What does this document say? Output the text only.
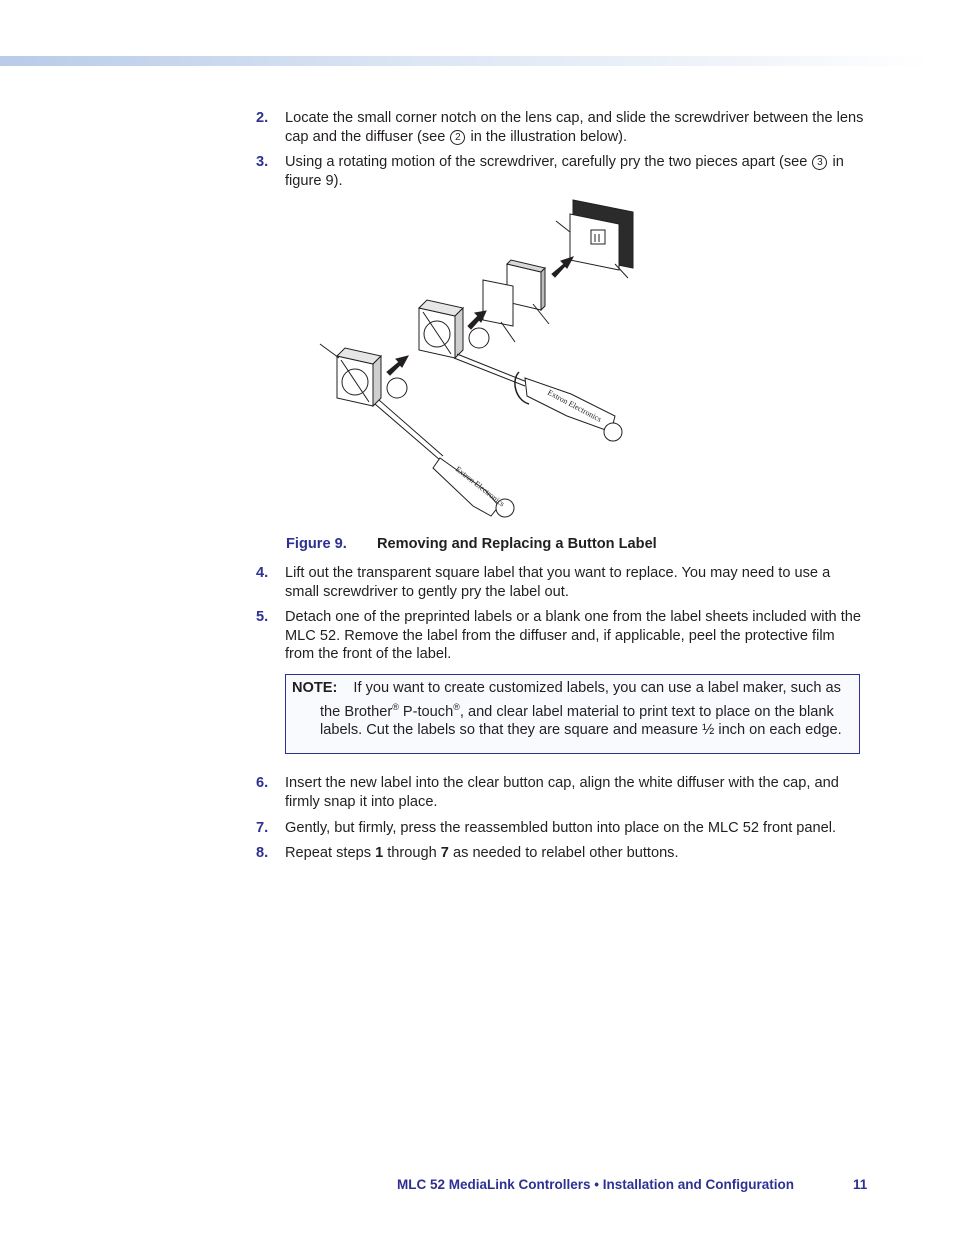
2. Locate the small corner notch on the lens cap, and slide the screwdriver between the lens cap and the diffuser (see 2 in the illustration below).
3. Using a rotating motion of the screwdriver, carefully pry the two pieces apart (see 3 in figure 9).
Extron Electronics
Extron Electronics
Figure 9. Removing and Replacing a Button Label
4. Lift out the transparent square label that you want to replace. You may need to use a small screwdriver to gently pry the label out.
5. Detach one of the preprinted labels or a blank one from the label sheets included with the MLC 52. Remove the label from the diffuser and, if applicable, peel the protective film from the front of the label.
NOTE: If you want to create customized labels, you can use a label maker, such as the Brother® P-touch®, and clear label material to print text to place on the blank labels. Cut the labels so that they are square and measure ½ inch on each edge.
6. Insert the new label into the clear button cap, align the white diffuser with the cap, and firmly snap it into place.
7. Gently, but firmly, press the reassembled button into place on the MLC 52 front panel.
8. Repeat steps 1 through 7 as needed to relabel other buttons.
MLC 52 MediaLink Controllers • Installation and Configuration	11
